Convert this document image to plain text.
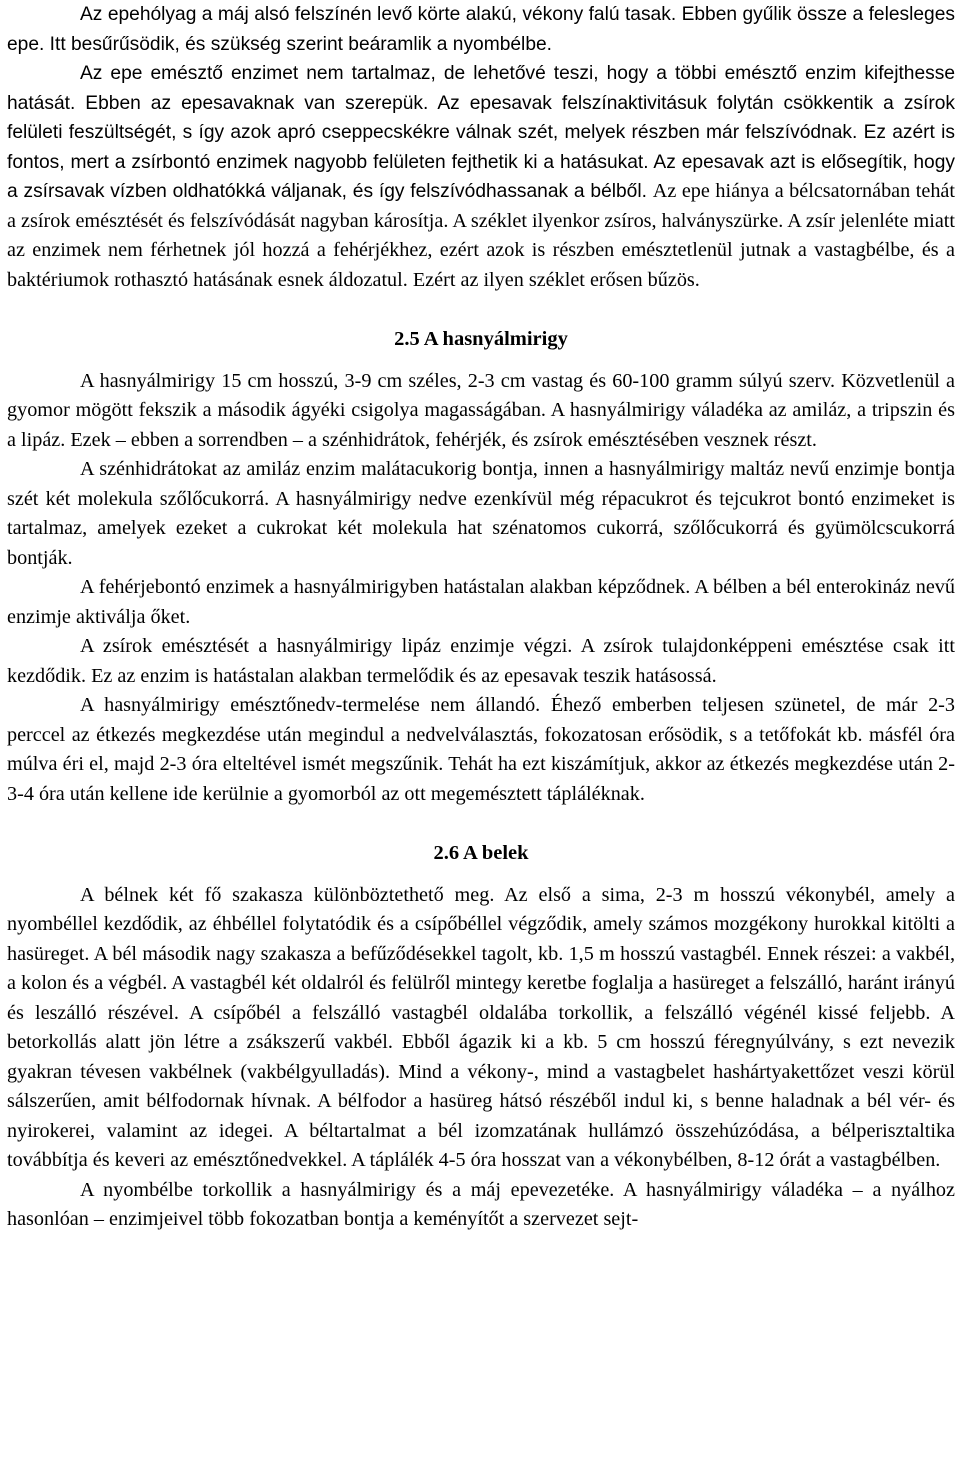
Az epehólyag a máj alsó felszínén levő körte alakú, vékony falú tasak. Ebben gyűlik össze a felesleges epe. Itt besűrűsödik, és szükség szerint beáramlik a nyombélbe.

Az epe emésztő enzimet nem tartalmaz, de lehetővé teszi, hogy a többi emésztő enzim kifejthesse hatását. Ebben az epesavaknak van szerepük. Az epesavak felszínaktivitásuk folytán csökkentik a zsírok felületi feszültségét, s így azok apró cseppecskékre válnak szét, melyek részben már felszívódnak. Ez azért is fontos, mert a zsírbontó enzimek nagyobb felületen fejthetik ki a hatásukat. Az epesavak azt is elősegítik, hogy a zsírsavak vízben oldhatókká váljanak, és így felszívódhassanak a bélből. Az epe hiánya a bélcsatornában tehát a zsírok emésztését és felszívódását nagyban károsítja. A széklet ilyenkor zsíros, halványszürke. A zsír jelenléte miatt az enzimek nem férhetnek jól hozzá a fehérjékhez, ezért azok is részben emésztetlenül jutnak a vastagbélbe, és a baktériumok rothasztó hatásának esnek áldozatul. Ezért az ilyen széklet erősen bűzös.

2.5 A hasnyálmirigy

A hasnyálmirigy 15 cm hosszú, 3-9 cm széles, 2-3 cm vastag és 60-100 gramm súlyú szerv. Közvetlenül a gyomor mögött fekszik a második ágyéki csigolya magasságában. A hasnyálmirigy váladéka az amiláz, a tripszin és a lipáz. Ezek – ebben a sorrendben – a szénhidrátok, fehérjék, és zsírok emésztésében vesznek részt.

A szénhidrátokat az amiláz enzim malátacukorig bontja, innen a hasnyálmirigy maltáz nevű enzimje bontja szét két molekula szőlőcukorrá. A hasnyálmirigy nedve ezenkívül még répacukrot és tejcukrot bontó enzimeket is tartalmaz, amelyek ezeket a cukrokat két molekula hat szénatomos cukorrá, szőlőcukorrá és gyümölcscukorrá bontják.

A fehérjebontó enzimek a hasnyálmirigyben hatástalan alakban képződnek. A bélben a bél enterokináz nevű enzimje aktiválja őket.

A zsírok emésztését a hasnyálmirigy lipáz enzimje végzi. A zsírok tulajdonképpeni emésztése csak itt kezdődik. Ez az enzim is hatástalan alakban termelődik és az epesavak teszik hatásossá.

A hasnyálmirigy emésztőnedv-termelése nem állandó. Éhező emberben teljesen szünetel, de már 2-3 perccel az étkezés megkezdése után megindul a nedvelválasztás, fokozatosan erősödik, s a tetőfokát kb. másfél óra múlva éri el, majd 2-3 óra elteltével ismét megszűnik. Tehát ha ezt kiszámítjuk, akkor az étkezés megkezdése után 2-3-4 óra után kellene ide kerülnie a gyomorból az ott megemésztett tápláléknak.

2.6 A belek

A bélnek két fő szakasza különböztethető meg. Az első a sima, 2-3 m hosszú vékonybél, amely a nyombéllel kezdődik, az éhbéllel folytatódik és a csípőbéllel végződik, amely számos mozgékony hurokkal kitölti a hasüreget. A bél második nagy szakasza a befűződésekkel tagolt, kb. 1,5 m hosszú vastagbél. Ennek részei: a vakbél, a kolon és a végbél. A vastagbél két oldalról és felülről mintegy keretbe foglalja a hasüreget a felszálló, haránt irányú és leszálló részével. A csípőbél a felszálló vastagbél oldalába torkollik, a felszálló végénél kissé feljebb. A betorkollás alatt jön létre a zsákszerű vakbél. Ebből ágazik ki a kb. 5 cm hosszú féregnyúlvány, s ezt nevezik gyakran tévesen vakbélnek (vakbélgyulladás). Mind a vékony-, mind a vastagbelet hashártyakettőzet veszi körül sálszerűen, amit bélfodornak hívnak. A bélfodor a hasüreg hátsó részéből indul ki, s benne haladnak a bél vér- és nyirokerei, valamint az idegei. A béltartalmat a bél izomzatának hullámzó összehúzódása, a bélperisztaltika továbbítja és keveri az emésztőnedvekkel. A táplálék 4-5 óra hosszat van a vékonybélben, 8-12 órát a vastagbélben.

A nyombélbe torkollik a hasnyálmirigy és a máj epevezetéke. A hasnyálmirigy váladéka – a nyálhoz hasonlóan – enzimjeivel több fokozatban bontja a keményítőt a szervezet sejt-
